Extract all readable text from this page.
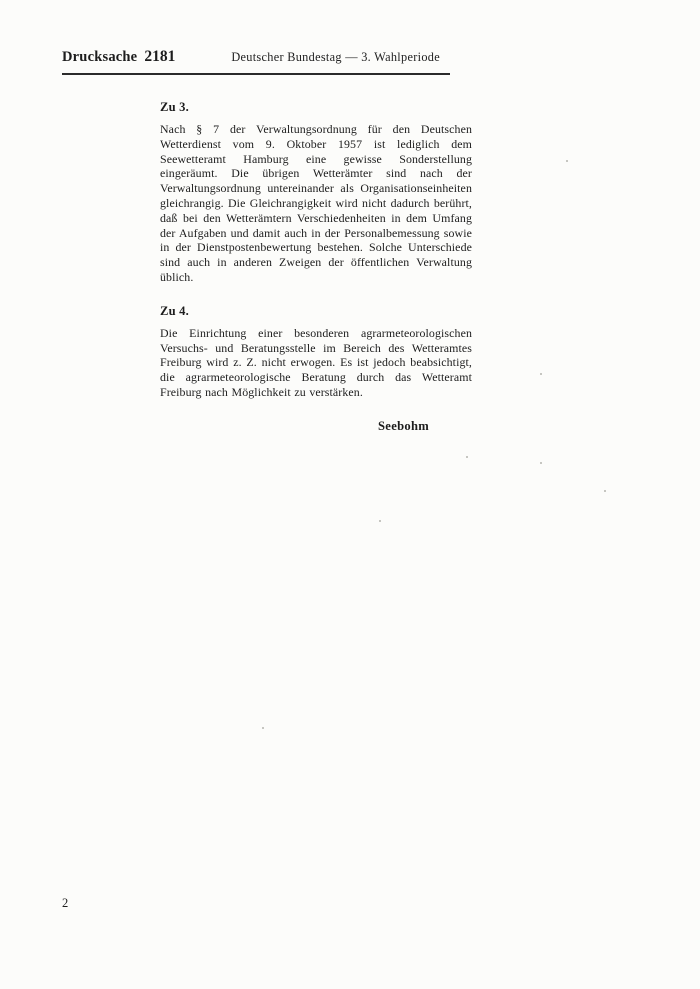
Drucksache 2181	Deutscher Bundestag — 3. Wahlperiode
Zu 3.

Nach § 7 der Verwaltungsordnung für den Deutschen Wetterdienst vom 9. Oktober 1957 ist lediglich dem Seewetteramt Hamburg eine gewisse Sonderstellung eingeräumt. Die übrigen Wetterämter sind nach der Verwaltungsordnung untereinander als Organisationseinheiten gleichrangig. Die Gleichrangigkeit wird nicht dadurch berührt, daß bei den Wetterämtern Verschiedenheiten in dem Umfang der Aufgaben und damit auch in der Personalbemessung sowie in der Dienstpostenbewertung bestehen. Solche Unterschiede sind auch in anderen Zweigen der öffentlichen Verwaltung üblich.

Zu 4.

Die Einrichtung einer besonderen agrarmeteorologischen Versuchs- und Beratungsstelle im Bereich des Wetteramtes Freiburg wird z. Z. nicht erwogen. Es ist jedoch beabsichtigt, die agrarmeteorologische Beratung durch das Wetteramt Freiburg nach Möglichkeit zu verstärken.

Seebohm
2
